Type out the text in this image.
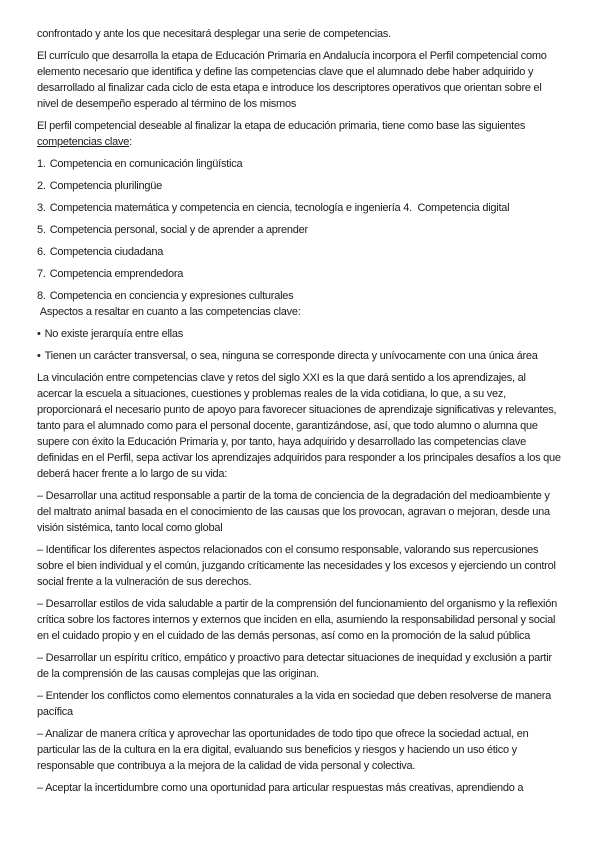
confrontado y ante los que necesitará desplegar una serie de competencias.

El currículo que desarrolla la etapa de Educación Primaria en Andalucía incorpora el Perfil competencial como elemento necesario que identifica y define las competencias clave que el alumnado debe haber adquirido y desarrollado al finalizar cada ciclo de esta etapa e introduce los descriptores operativos que orientan sobre el nivel de desempeño esperado al término de los mismos

El perfil competencial deseable al finalizar la etapa de educación primaria, tiene como base las siguientes competencias clave:

1. Competencia en comunicación lingüística

2. Competencia plurilingüe

3. Competencia matemática y competencia en ciencia, tecnología e ingeniería 4.  Competencia digital

5. Competencia personal, social y de aprender a aprender

6. Competencia ciudadana

7. Competencia emprendedora

8. Competencia en conciencia y expresiones culturales
Aspectos a resaltar en cuanto a las competencias clave:

• No existe jerarquía entre ellas

• Tienen un carácter transversal, o sea, ninguna se corresponde directa y unívocamente con una única área

La vinculación entre competencias clave y retos del siglo XXI es la que dará sentido a los aprendizajes, al acercar la escuela a situaciones, cuestiones y problemas reales de la vida cotidiana, lo que, a su vez, proporcionará el necesario punto de apoyo para favorecer situaciones de aprendizaje significativas y relevantes, tanto para el alumnado como para el personal docente, garantizándose, así, que todo alumno o alumna que supere con éxito la Educación Primaria y, por tanto, haya adquirido y desarrollado las competencias clave definidas en el Perfil, sepa activar los aprendizajes adquiridos para responder a los principales desafíos a los que deberá hacer frente a lo largo de su vida:

– Desarrollar una actitud responsable a partir de la toma de conciencia de la degradación del medioambiente y del maltrato animal basada en el conocimiento de las causas que los provocan, agravan o mejoran, desde una visión sistémica, tanto local como global

– Identificar los diferentes aspectos relacionados con el consumo responsable, valorando sus repercusiones sobre el bien individual y el común, juzgando críticamente las necesidades y los excesos y ejerciendo un control social frente a la vulneración de sus derechos.

– Desarrollar estilos de vida saludable a partir de la comprensión del funcionamiento del organismo y la reflexión crítica sobre los factores internos y externos que inciden en ella, asumiendo la responsabilidad personal y social en el cuidado propio y en el cuidado de las demás personas, así como en la promoción de la salud pública

– Desarrollar un espíritu crítico, empático y proactivo para detectar situaciones de inequidad y exclusión a partir de la comprensión de las causas complejas que las originan.

– Entender los conflictos como elementos connaturales a la vida en sociedad que deben resolverse de manera pacífica

– Analizar de manera crítica y aprovechar las oportunidades de todo tipo que ofrece la sociedad actual, en particular las de la cultura en la era digital, evaluando sus beneficios y riesgos y haciendo un uso ético y responsable que contribuya a la mejora de la calidad de vida personal y colectiva.

– Aceptar la incertidumbre como una oportunidad para articular respuestas más creativas, aprendiendo a
